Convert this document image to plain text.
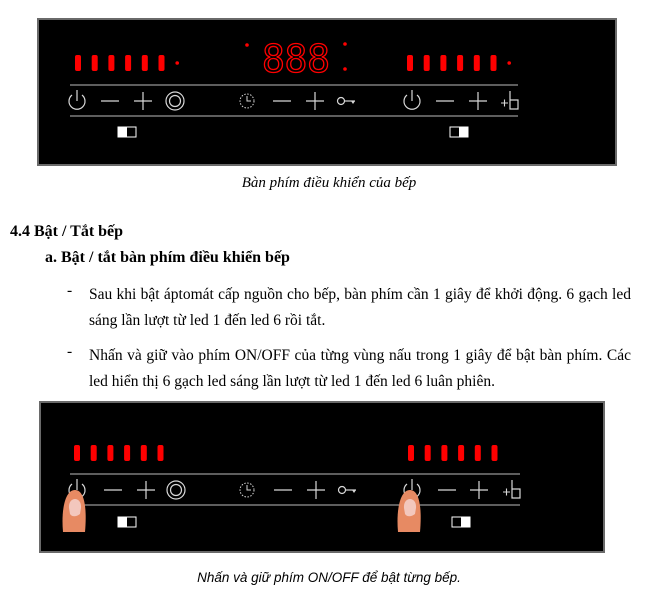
888
Bàn phím điều khiển của bếp
4.4 Bật / Tắt bếp
a. Bật / tắt bàn phím điều khiển bếp
- Sau khi bật áptomát cấp nguồn cho bếp, bàn phím cần 1 giây để khởi động. 6 gạch led sáng lần lượt từ led 1 đến led 6 rồi tắt.
- Nhấn và giữ vào phím ON/OFF của từng vùng nấu trong 1 giây để bật bàn phím. Các led hiển thị 6 gạch led sáng lần lượt từ led 1 đến led 6 luân phiên.
Nhấn và giữ phím ON/OFF để bật từng bếp.
